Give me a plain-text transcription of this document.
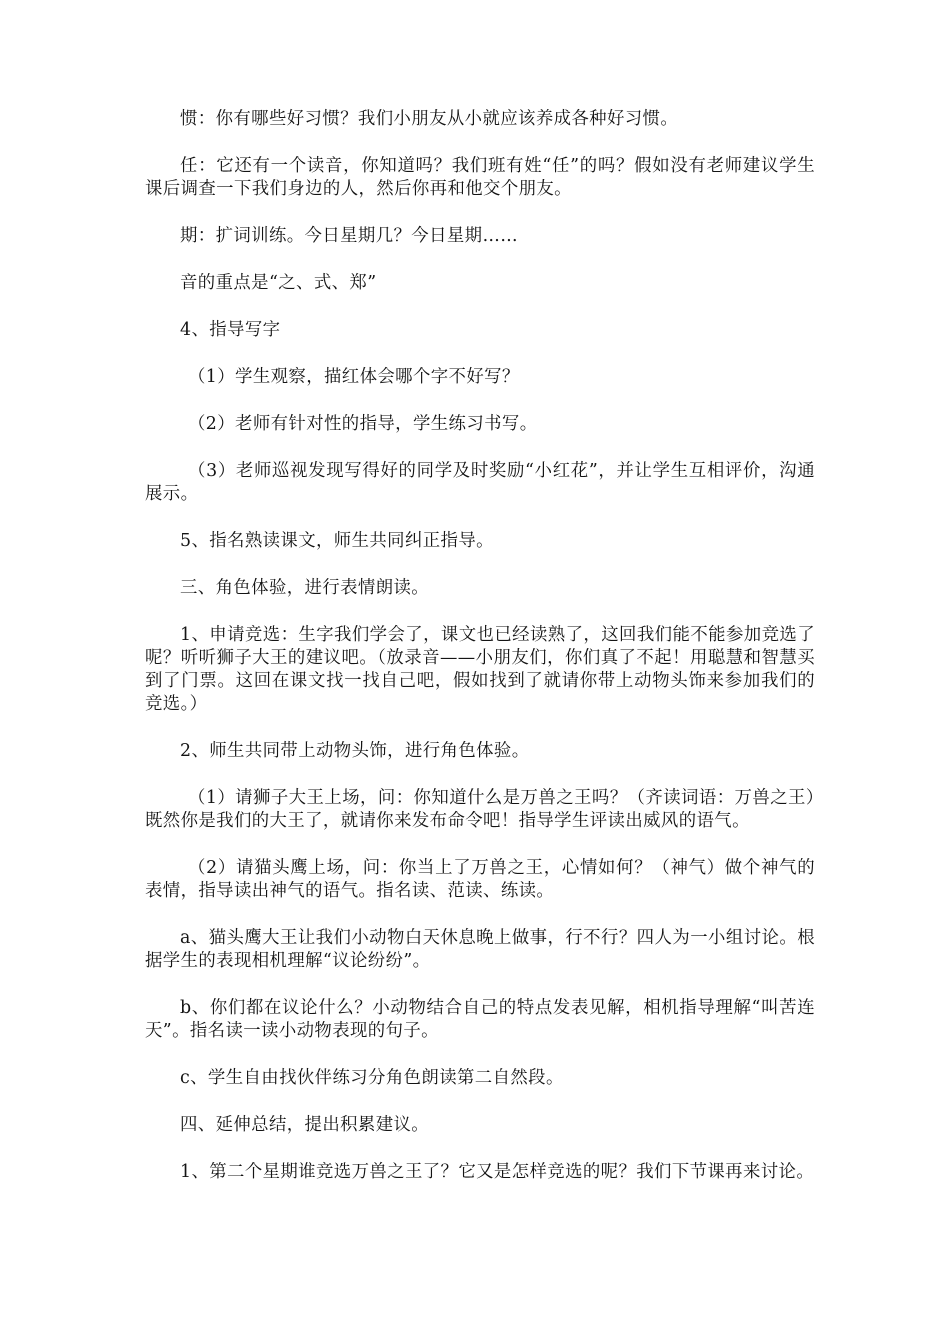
惯：你有哪些好习惯？我们小朋友从小就应该养成各种好习惯。

任：它还有一个读音，你知道吗？我们班有姓“任”的吗？假如没有老师建议学生课后调查一下我们身边的人，然后你再和他交个朋友。

期：扩词训练。今日星期几？今日星期……

音的重点是“之、式、郑”

4、指导写字

（1）学生观察，描红体会哪个字不好写？

（2）老师有针对性的指导，学生练习书写。

（3）老师巡视发现写得好的同学及时奖励“小红花”，并让学生互相评价，沟通展示。

5、指名熟读课文，师生共同纠正指导。

三、角色体验，进行表情朗读。

1、申请竞选：生字我们学会了，课文也已经读熟了，这回我们能不能参加竞选了呢？听听狮子大王的建议吧。（放录音——小朋友们，你们真了不起！用聪慧和智慧买到了门票。这回在课文找一找自己吧，假如找到了就请你带上动物头饰来参加我们的竞选。）

2、师生共同带上动物头饰，进行角色体验。

（1）请狮子大王上场，问：你知道什么是万兽之王吗？（齐读词语：万兽之王）既然你是我们的大王了，就请你来发布命令吧！指导学生评读出威风的语气。

（2）请猫头鹰上场，问：你当上了万兽之王，心情如何？（神气）做个神气的表情，指导读出神气的语气。指名读、范读、练读。

a、猫头鹰大王让我们小动物白天休息晚上做事，行不行？四人为一小组讨论。根据学生的表现相机理解“议论纷纷”。

b、你们都在议论什么？小动物结合自己的特点发表见解，相机指导理解“叫苦连天”。指名读一读小动物表现的句子。

c、学生自由找伙伴练习分角色朗读第二自然段。

四、延伸总结，提出积累建议。

1、第二个星期谁竞选万兽之王了？它又是怎样竞选的呢？我们下节课再来讨论。
